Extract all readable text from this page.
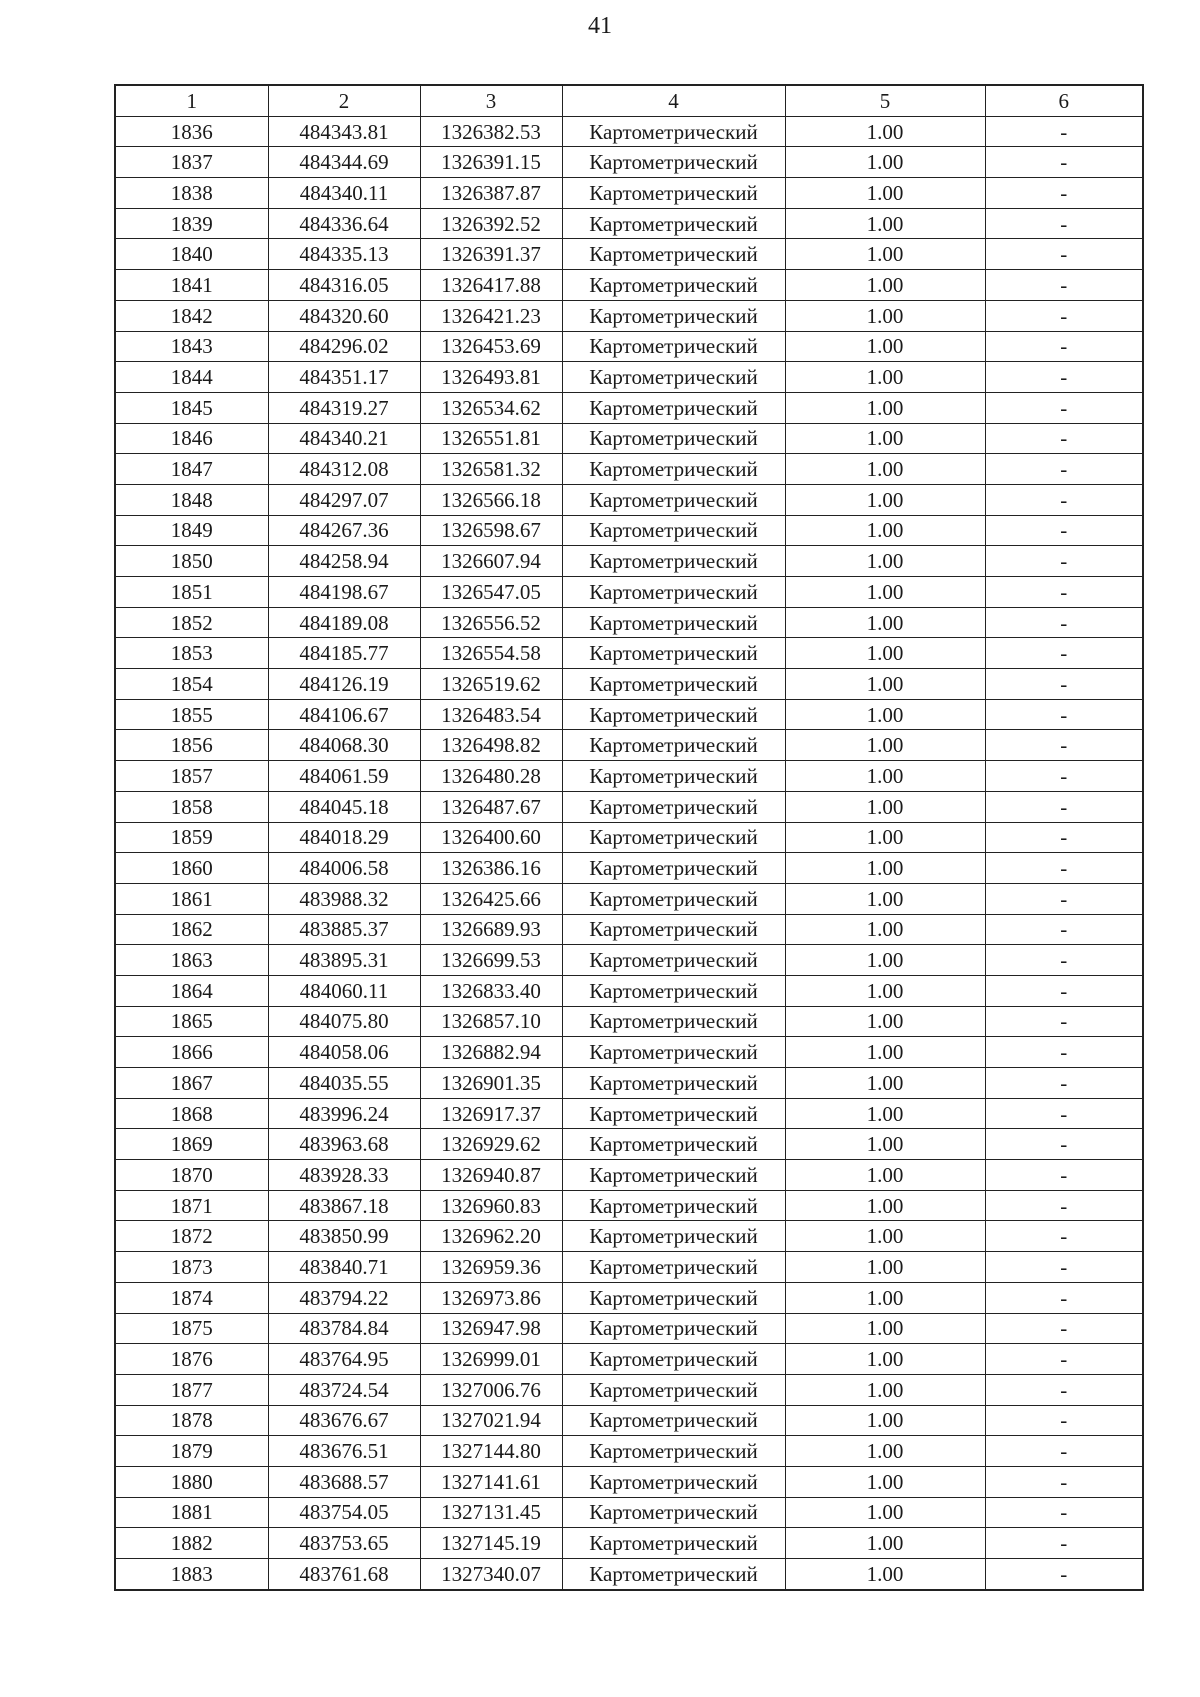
41
1	2	3	4	5	6
1836	484343.81	1326382.53	Картометрический	1.00	-
1837	484344.69	1326391.15	Картометрический	1.00	-
1838	484340.11	1326387.87	Картометрический	1.00	-
1839	484336.64	1326392.52	Картометрический	1.00	-
1840	484335.13	1326391.37	Картометрический	1.00	-
1841	484316.05	1326417.88	Картометрический	1.00	-
1842	484320.60	1326421.23	Картометрический	1.00	-
1843	484296.02	1326453.69	Картометрический	1.00	-
1844	484351.17	1326493.81	Картометрический	1.00	-
1845	484319.27	1326534.62	Картометрический	1.00	-
1846	484340.21	1326551.81	Картометрический	1.00	-
1847	484312.08	1326581.32	Картометрический	1.00	-
1848	484297.07	1326566.18	Картометрический	1.00	-
1849	484267.36	1326598.67	Картометрический	1.00	-
1850	484258.94	1326607.94	Картометрический	1.00	-
1851	484198.67	1326547.05	Картометрический	1.00	-
1852	484189.08	1326556.52	Картометрический	1.00	-
1853	484185.77	1326554.58	Картометрический	1.00	-
1854	484126.19	1326519.62	Картометрический	1.00	-
1855	484106.67	1326483.54	Картометрический	1.00	-
1856	484068.30	1326498.82	Картометрический	1.00	-
1857	484061.59	1326480.28	Картометрический	1.00	-
1858	484045.18	1326487.67	Картометрический	1.00	-
1859	484018.29	1326400.60	Картометрический	1.00	-
1860	484006.58	1326386.16	Картометрический	1.00	-
1861	483988.32	1326425.66	Картометрический	1.00	-
1862	483885.37	1326689.93	Картометрический	1.00	-
1863	483895.31	1326699.53	Картометрический	1.00	-
1864	484060.11	1326833.40	Картометрический	1.00	-
1865	484075.80	1326857.10	Картометрический	1.00	-
1866	484058.06	1326882.94	Картометрический	1.00	-
1867	484035.55	1326901.35	Картометрический	1.00	-
1868	483996.24	1326917.37	Картометрический	1.00	-
1869	483963.68	1326929.62	Картометрический	1.00	-
1870	483928.33	1326940.87	Картометрический	1.00	-
1871	483867.18	1326960.83	Картометрический	1.00	-
1872	483850.99	1326962.20	Картометрический	1.00	-
1873	483840.71	1326959.36	Картометрический	1.00	-
1874	483794.22	1326973.86	Картометрический	1.00	-
1875	483784.84	1326947.98	Картометрический	1.00	-
1876	483764.95	1326999.01	Картометрический	1.00	-
1877	483724.54	1327006.76	Картометрический	1.00	-
1878	483676.67	1327021.94	Картометрический	1.00	-
1879	483676.51	1327144.80	Картометрический	1.00	-
1880	483688.57	1327141.61	Картометрический	1.00	-
1881	483754.05	1327131.45	Картометрический	1.00	-
1882	483753.65	1327145.19	Картометрический	1.00	-
1883	483761.68	1327340.07	Картометрический	1.00	-
